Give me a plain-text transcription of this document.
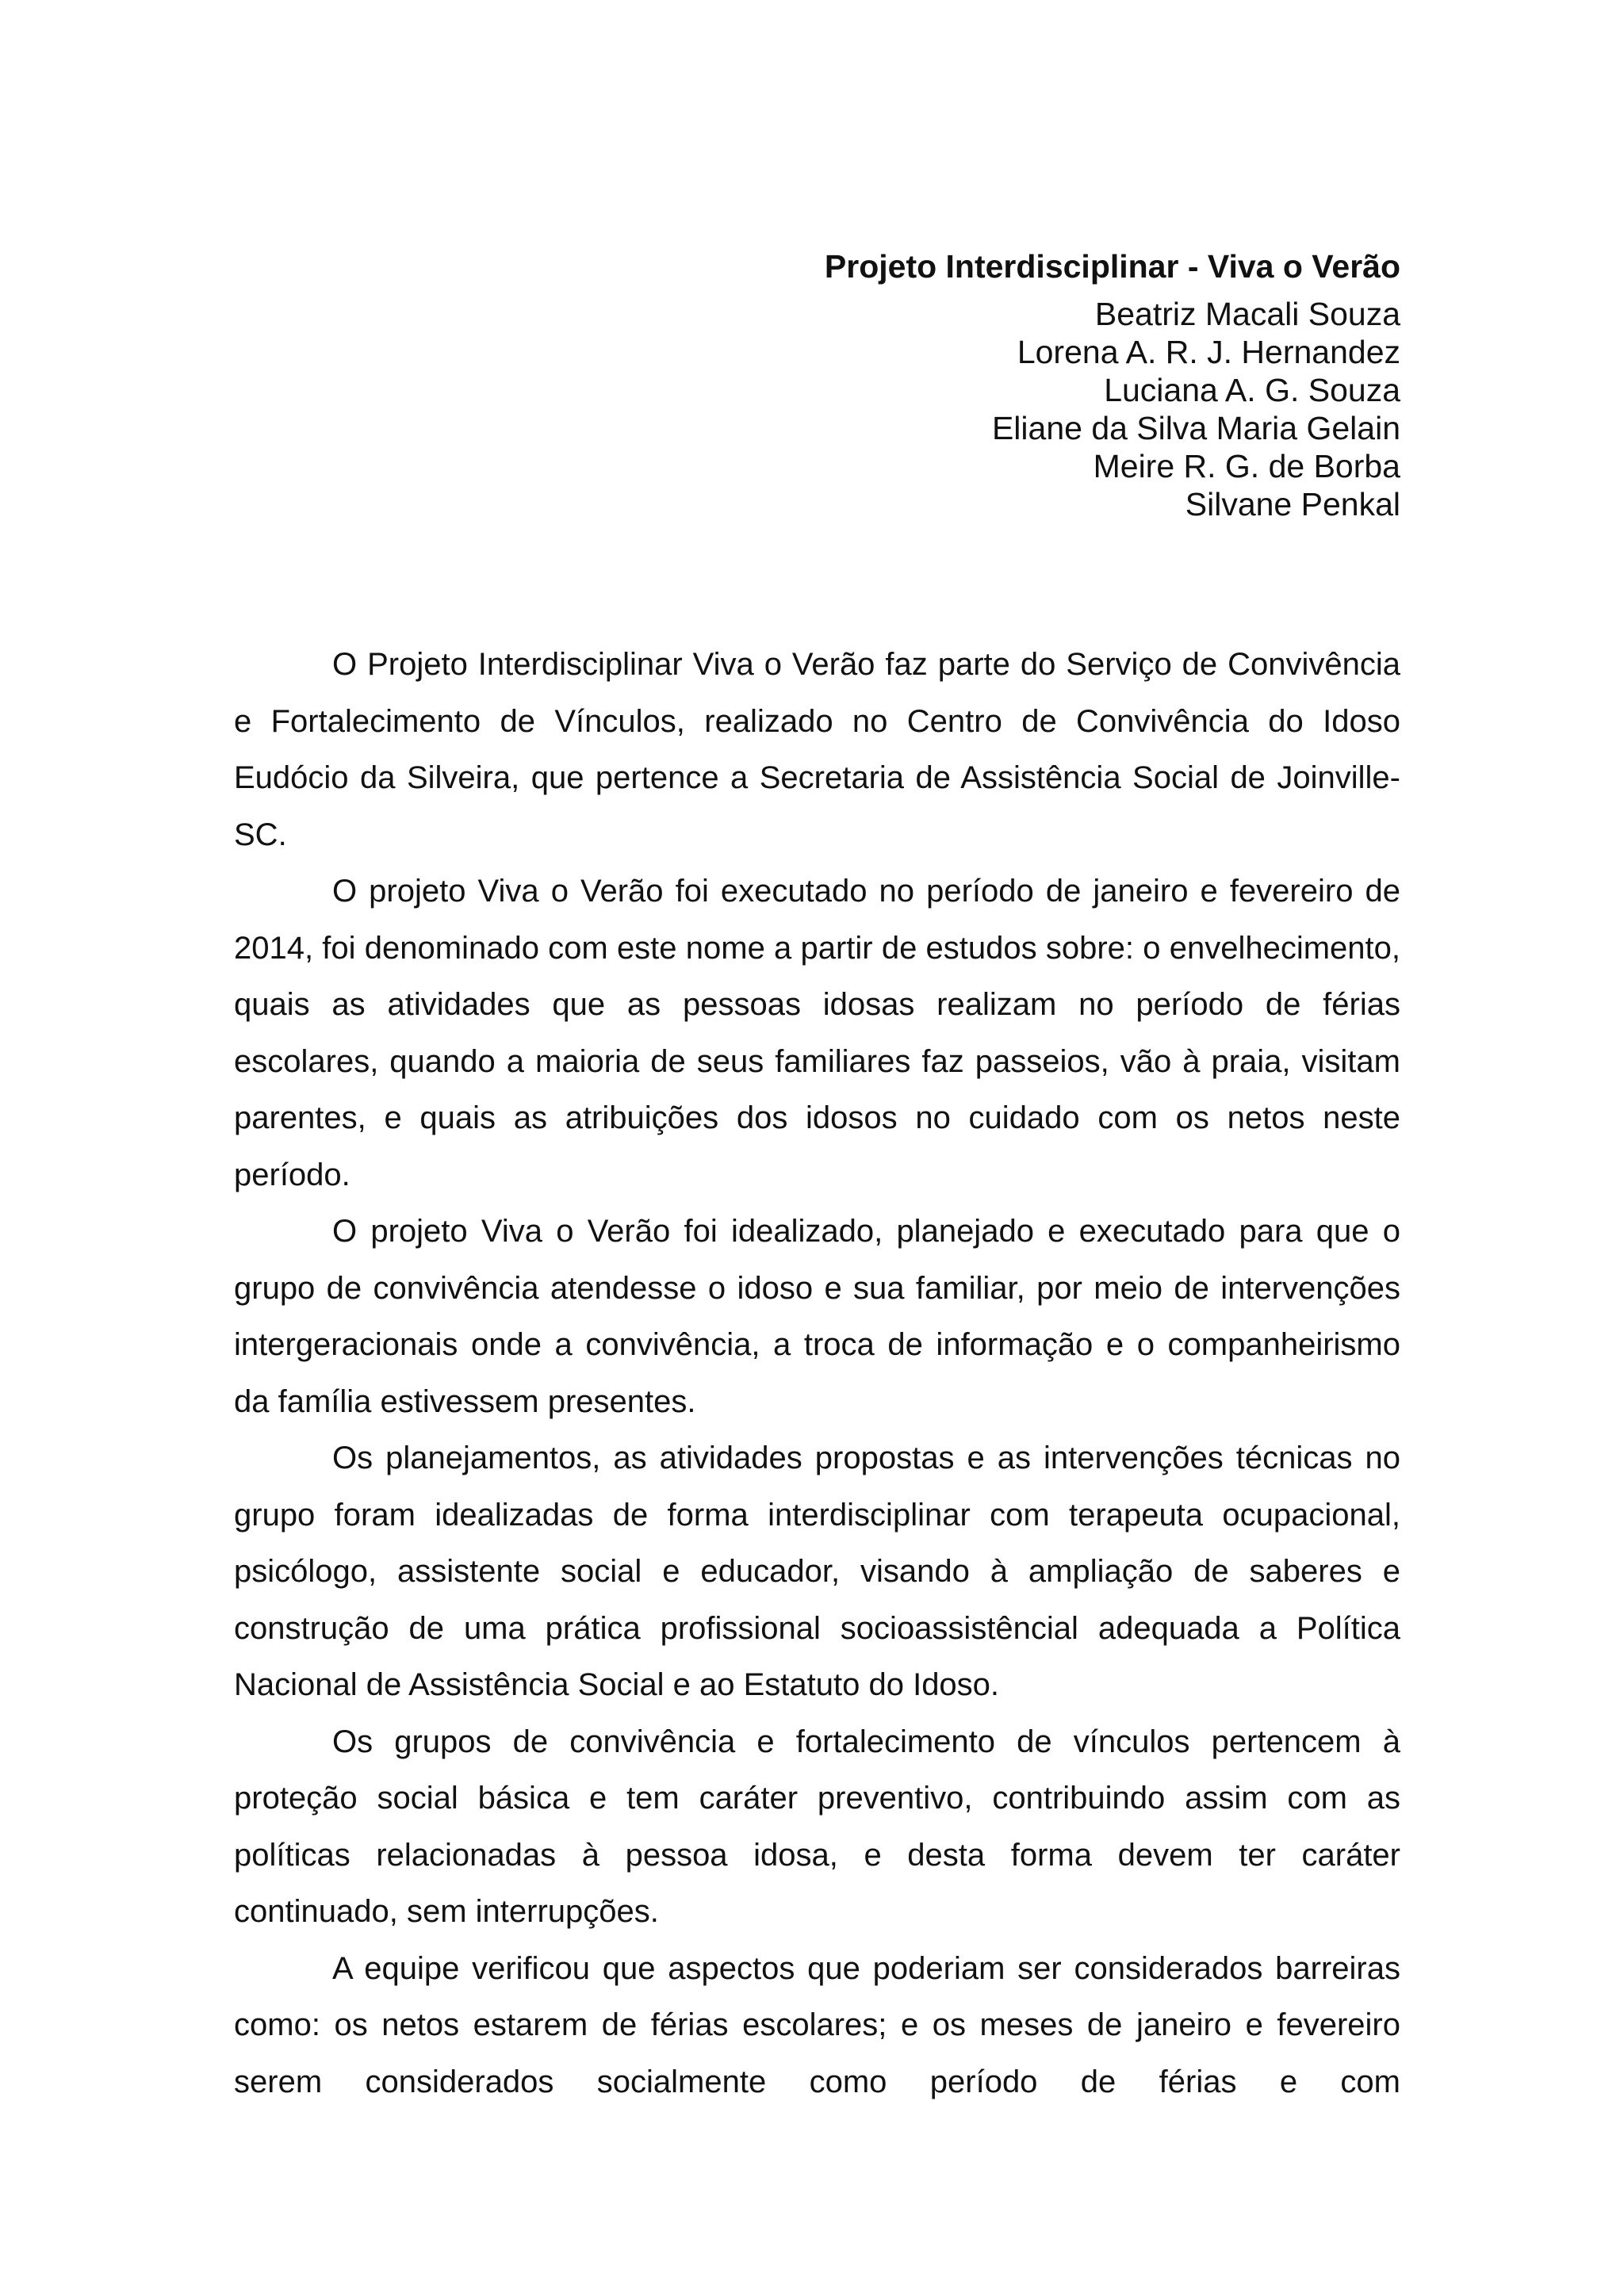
Projeto Interdisciplinar - Viva o Verão
Beatriz Macali Souza
Lorena A. R. J. Hernandez
Luciana A. G. Souza
Eliane da Silva Maria Gelain
Meire R. G. de Borba
Silvane Penkal

O Projeto Interdisciplinar Viva o Verão faz parte do Serviço de Convivência e Fortalecimento de Vínculos, realizado no Centro de Convivência do Idoso Eudócio da Silveira, que pertence a Secretaria de Assistência Social de Joinville-SC.

O projeto Viva o Verão foi executado no período de janeiro e fevereiro de 2014, foi denominado com este nome a partir de estudos sobre: o envelhecimento, quais as atividades que as pessoas idosas realizam no período de férias escolares, quando a maioria de seus familiares faz passeios, vão à praia, visitam parentes, e quais as atribuições dos idosos no cuidado com os netos neste período.

O projeto Viva o Verão foi idealizado, planejado e executado para que o grupo de convivência atendesse o idoso e sua familiar, por meio de intervenções intergeracionais onde a convivência, a troca de informação e o companheirismo da família estivessem presentes.

Os planejamentos, as atividades propostas e as intervenções técnicas no grupo foram idealizadas de forma interdisciplinar com terapeuta ocupacional, psicólogo, assistente social e educador, visando à ampliação de saberes e construção de uma prática profissional socioassistêncial adequada a Política Nacional de Assistência Social e ao Estatuto do Idoso.

Os grupos de convivência e fortalecimento de vínculos pertencem à proteção social básica e tem caráter preventivo, contribuindo assim com as políticas relacionadas à pessoa idosa, e desta forma devem ter caráter continuado, sem interrupções.

A equipe verificou que aspectos que poderiam ser considerados barreiras como: os netos estarem de férias escolares; e os meses de janeiro e fevereiro serem considerados socialmente como período de férias e com
